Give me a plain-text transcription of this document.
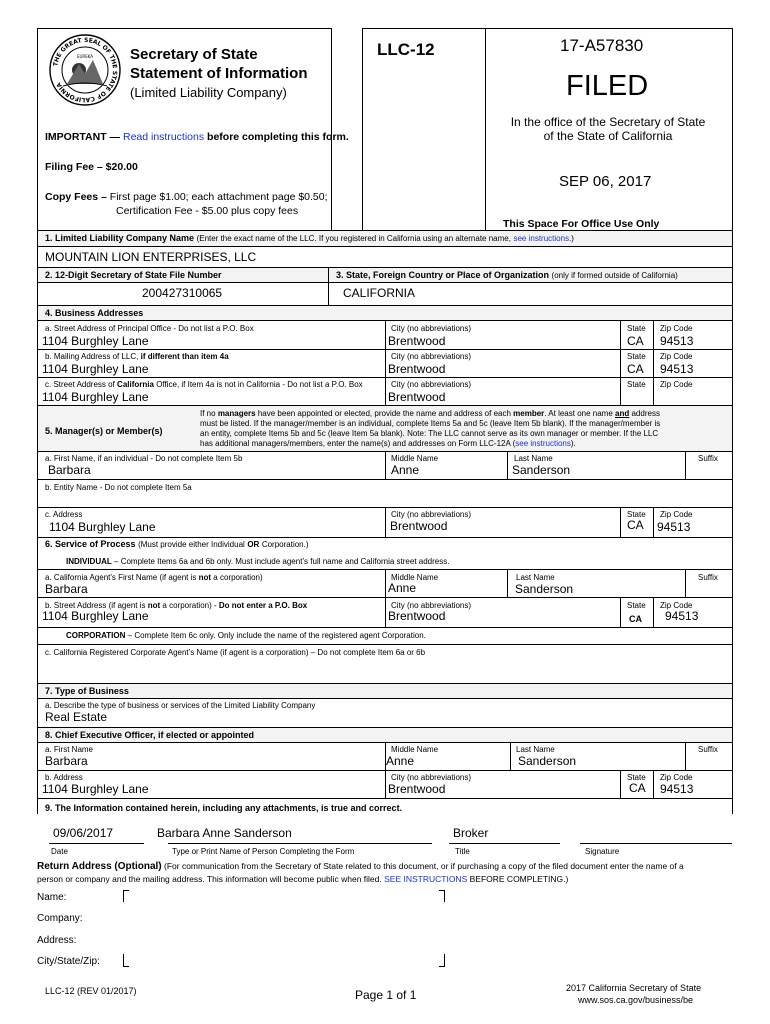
THE GREAT SEAL OF THE STATE OF CALIFORNIA
EUREKA Secretary of State
Statement of Information
(Limited Liability Company)
LLC-12
IMPORTANT — Read instructions before completing this form.
Filing Fee – $20.00
Copy Fees – First page $1.00; each attachment page $0.50;
Certification Fee - $5.00 plus copy fees
17-A57830
FILED
In the office of the Secretary of State
of the State of California
SEP 06, 2017
This Space For Office Use Only
1. Limited Liability Company Name (Enter the exact name of the LLC. If you registered in California using an alternate name, see instructions.)
MOUNTAIN LION ENTERPRISES, LLC
2. 12-Digit Secretary of State File Number	3. State, Foreign Country or Place of Organization (only if formed outside of California)
200427310065	CALIFORNIA
4. Business Addresses
a. Street Address of Principal Office - Do not list a P.O. Box	City (no abbreviations)	State Zip Code
1104 Burghley Lane	Brentwood	CA 94513
b. Mailing Address of LLC, if different than item 4a	City (no abbreviations)	State Zip Code
1104 Burghley Lane	Brentwood	CA 94513
c. Street Address of California Office, if Item 4a is not in California - Do not list a P.O. Box	City (no abbreviations)	State Zip Code
1104 Burghley Lane	Brentwood
5. Manager(s) or Member(s)
If no managers have been appointed or elected, provide the name and address of each member. At least one name and address
must be listed. If the manager/member is an individual, complete Items 5a and 5c (leave Item 5b blank). If the manager/member is
an entity, complete Items 5b and 5c (leave Item 5a blank). Note: The LLC cannot serve as its own manager or member. If the LLC
has additional managers/members, enter the name(s) and addresses on Form LLC-12A (see instructions).
a. First Name, if an individual - Do not complete Item 5b	Middle Name	Last Name	Suffix
Barbara	Anne	Sanderson
b. Entity Name - Do not complete Item 5a
c. Address	City (no abbreviations)	State Zip Code
1104 Burghley Lane	Brentwood	CA 94513
6. Service of Process (Must provide either Individual OR Corporation.)
INDIVIDUAL – Complete Items 6a and 6b only. Must include agent’s full name and California street address.
a. California Agent's First Name (if agent is not a corporation)	Middle Name	Last Name	Suffix
Barbara	Anne	Sanderson
b. Street Address (if agent is not a corporation) - Do not enter a P.O. Box	City (no abbreviations)	State Zip Code
1104 Burghley Lane	Brentwood	CA 94513
CORPORATION – Complete Item 6c only. Only include the name of the registered agent Corporation.
c. California Registered Corporate Agent’s Name (if agent is a corporation) – Do not complete Item 6a or 6b
7. Type of Business
a. Describe the type of business or services of the Limited Liability Company
Real Estate
8. Chief Executive Officer, if elected or appointed
a. First Name	Middle Name	Last Name	Suffix
Barbara	Anne	Sanderson
b. Address	City (no abbreviations)	State Zip Code
1104 Burghley Lane	Brentwood	CA 94513
9. The Information contained herein, including any attachments, is true and correct.
09/06/2017	Barbara Anne Sanderson	Broker
Date	Type or Print Name of Person Completing the Form	Title	Signature
Return Address (Optional) (For communication from the Secretary of State related to this document, or if purchasing a copy of the filed document enter the name of a
person or company and the mailing address. This information will become public when filed. SEE INSTRUCTIONS BEFORE COMPLETING.)
Name:
Company:
Address:
City/State/Zip:
LLC-12 (REV 01/2017)	Page 1 of 1	2017 California Secretary of State
www.sos.ca.gov/business/be
